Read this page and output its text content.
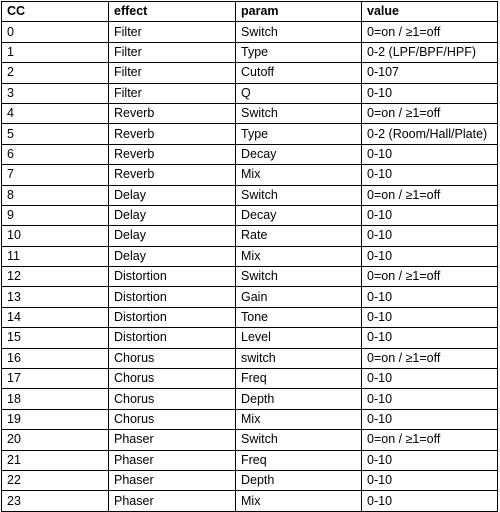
CC	effect	param	value
0	Filter	Switch	0=on / ≥1=off
1	Filter	Type	0-2 (LPF/BPF/HPF)
2	Filter	Cutoff	0-107
3	Filter	Q	0-10
4	Reverb	Switch	0=on / ≥1=off
5	Reverb	Type	0-2 (Room/Hall/Plate)
6	Reverb	Decay	0-10
7	Reverb	Mix	0-10
8	Delay	Switch	0=on / ≥1=off
9	Delay	Decay	0-10
10	Delay	Rate	0-10
11	Delay	Mix	0-10
12	Distortion	Switch	0=on / ≥1=off
13	Distortion	Gain	0-10
14	Distortion	Tone	0-10
15	Distortion	Level	0-10
16	Chorus	switch	0=on / ≥1=off
17	Chorus	Freq	0-10
18	Chorus	Depth	0-10
19	Chorus	Mix	0-10
20	Phaser	Switch	0=on / ≥1=off
21	Phaser	Freq	0-10
22	Phaser	Depth	0-10
23	Phaser	Mix	0-10
